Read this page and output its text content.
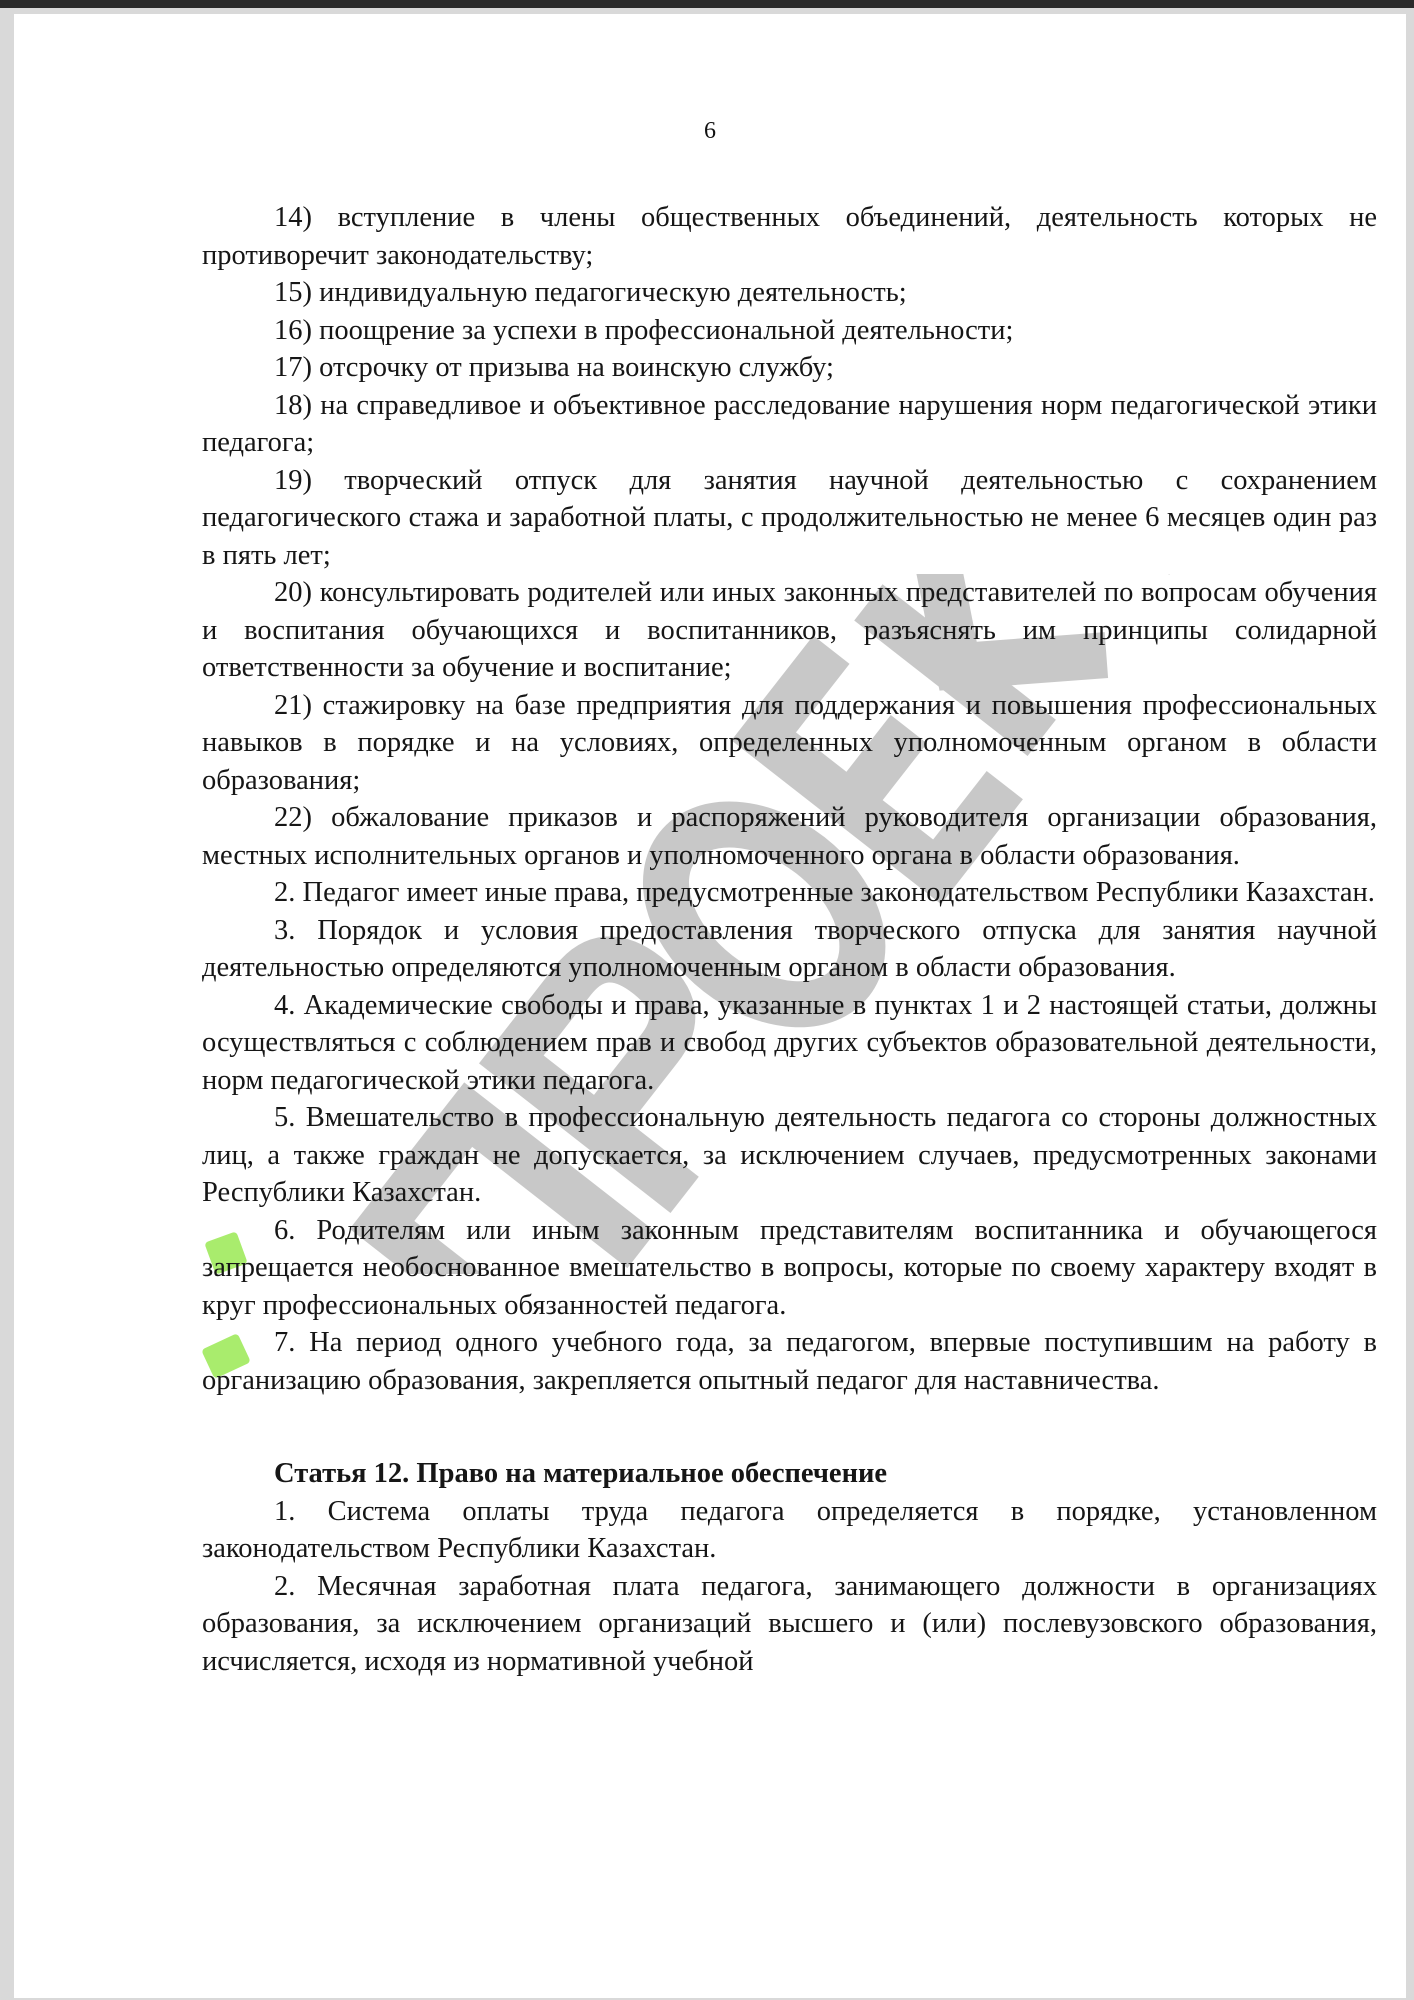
6

14) вступление в члены общественных объединений, деятельность которых не противоречит законодательству;

15) индивидуальную педагогическую деятельность;

16) поощрение за успехи в профессиональной деятельности;

17) отсрочку от призыва на воинскую службу;

18) на справедливое и объективное расследование нарушения норм педагогической этики педагога;

19) творческий отпуск для занятия научной деятельностью с сохранением педагогического стажа и заработной платы, с продолжительностью не менее 6 месяцев один раз в пять лет;

20) консультировать родителей или иных законных представителей по вопросам обучения и воспитания обучающихся и воспитанников, разъяснять им принципы солидарной ответственности за обучение и воспитание;

21) стажировку на базе предприятия для поддержания и повышения профессиональных навыков в порядке и на условиях, определенных уполномоченным органом в области образования;

22) обжалование приказов и распоряжений руководителя организации образования, местных исполнительных органов и уполномоченного органа в области образования.

2. Педагог имеет иные права, предусмотренные законодательством Республики Казахстан.

3. Порядок и условия предоставления творческого отпуска для занятия научной деятельностью определяются уполномоченным органом в области образования.

4. Академические свободы и права, указанные в пунктах 1 и 2 настоящей статьи, должны осуществляться с соблюдением прав и свобод других субъектов образовательной деятельности, норм педагогической этики педагога.

5. Вмешательство в профессиональную деятельность педагога со стороны должностных лиц, а также граждан не допускается, за исключением случаев, предусмотренных законами Республики Казахстан.

6. Родителям или иным законным представителям воспитанника и обучающегося запрещается необоснованное вмешательство в вопросы, которые по своему характеру входят в круг профессиональных обязанностей педагога.

7. На период одного учебного года, за педагогом, впервые поступившим на работу в организацию образования, закрепляется опытный педагог для наставничества.

Статья 12. Право на материальное обеспечение

1. Система оплаты труда педагога определяется в порядке, установленном законодательством Республики Казахстан.

2. Месячная заработная плата педагога, занимающего должности в организациях образования, за исключением организаций высшего и (или) послевузовского образования, исчисляется, исходя из нормативной учебной
